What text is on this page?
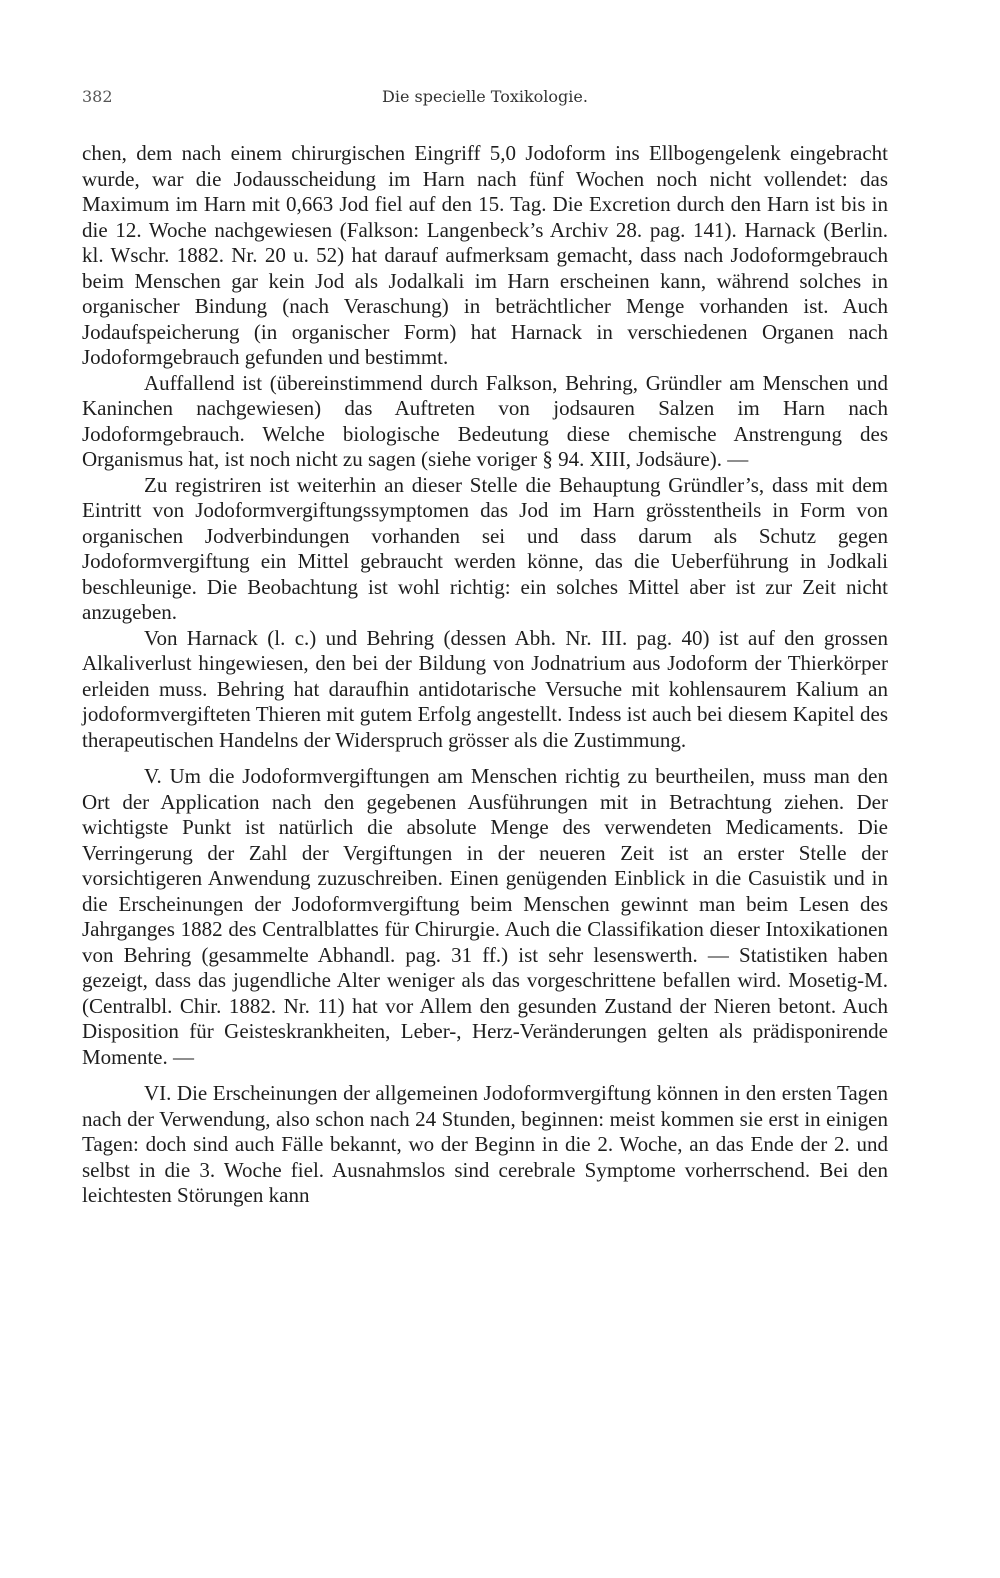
382	Die specielle Toxikologie.

chen, dem nach einem chirurgischen Eingriff 5,0 Jodoform ins Ellbogengelenk eingebracht wurde, war die Jodausscheidung im Harn nach fünf Wochen noch nicht vollendet: das Maximum im Harn mit 0,663 Jod fiel auf den 15. Tag. Die Excretion durch den Harn ist bis in die 12. Woche nachgewiesen (Falkson: Langenbeck’s Archiv 28. pag. 141). Harnack (Berlin. kl. Wschr. 1882. Nr. 20 u. 52) hat darauf aufmerksam gemacht, dass nach Jodoformgebrauch beim Menschen gar kein Jod als Jodalkali im Harn erscheinen kann, während solches in organischer Bindung (nach Veraschung) in beträchtlicher Menge vorhanden ist. Auch Jodaufspeicherung (in organischer Form) hat Harnack in verschiedenen Organen nach Jodoformgebrauch gefunden und bestimmt.

Auffallend ist (übereinstimmend durch Falkson, Behring, Gründler am Menschen und Kaninchen nachgewiesen) das Auftreten von jodsauren Salzen im Harn nach Jodoformgebrauch. Welche biologische Bedeutung diese chemische Anstrengung des Organismus hat, ist noch nicht zu sagen (siehe voriger § 94. XIII, Jodsäure). —

Zu registriren ist weiterhin an dieser Stelle die Behauptung Gründler’s, dass mit dem Eintritt von Jodoformvergiftungssymptomen das Jod im Harn grösstentheils in Form von organischen Jodverbindungen vorhanden sei und dass darum als Schutz gegen Jodoformvergiftung ein Mittel gebraucht werden könne, das die Ueberführung in Jodkali beschleunige. Die Beobachtung ist wohl richtig: ein solches Mittel aber ist zur Zeit nicht anzugeben.

Von Harnack (l. c.) und Behring (dessen Abh. Nr. III. pag. 40) ist auf den grossen Alkaliverlust hingewiesen, den bei der Bildung von Jodnatrium aus Jodoform der Thierkörper erleiden muss. Behring hat daraufhin antidotarische Versuche mit kohlensaurem Kalium an jodoformvergifteten Thieren mit gutem Erfolg angestellt. Indess ist auch bei diesem Kapitel des therapeutischen Handelns der Widerspruch grösser als die Zustimmung.

V. Um die Jodoformvergiftungen am Menschen richtig zu beurtheilen, muss man den Ort der Application nach den gegebenen Ausführungen mit in Betrachtung ziehen. Der wichtigste Punkt ist natürlich die absolute Menge des verwendeten Medicaments. Die Verringerung der Zahl der Vergiftungen in der neueren Zeit ist an erster Stelle der vorsichtigeren Anwendung zuzuschreiben. Einen genügenden Einblick in die Casuistik und in die Erscheinungen der Jodoformvergiftung beim Menschen gewinnt man beim Lesen des Jahrganges 1882 des Centralblattes für Chirurgie. Auch die Classifikation dieser Intoxikationen von Behring (gesammelte Abhandl. pag. 31 ff.) ist sehr lesenswerth. — Statistiken haben gezeigt, dass das jugendliche Alter weniger als das vorgeschrittene befallen wird. Mosetig-M. (Centralbl. Chir. 1882. Nr. 11) hat vor Allem den gesunden Zustand der Nieren betont. Auch Disposition für Geisteskrankheiten, Leber-, Herz-Veränderungen gelten als prädisponirende Momente. —

VI. Die Erscheinungen der allgemeinen Jodoformvergiftung können in den ersten Tagen nach der Verwendung, also schon nach 24 Stunden, beginnen: meist kommen sie erst in einigen Tagen: doch sind auch Fälle bekannt, wo der Beginn in die 2. Woche, an das Ende der 2. und selbst in die 3. Woche fiel. Ausnahmslos sind cerebrale Symptome vorherrschend. Bei den leichtesten Störungen kann
